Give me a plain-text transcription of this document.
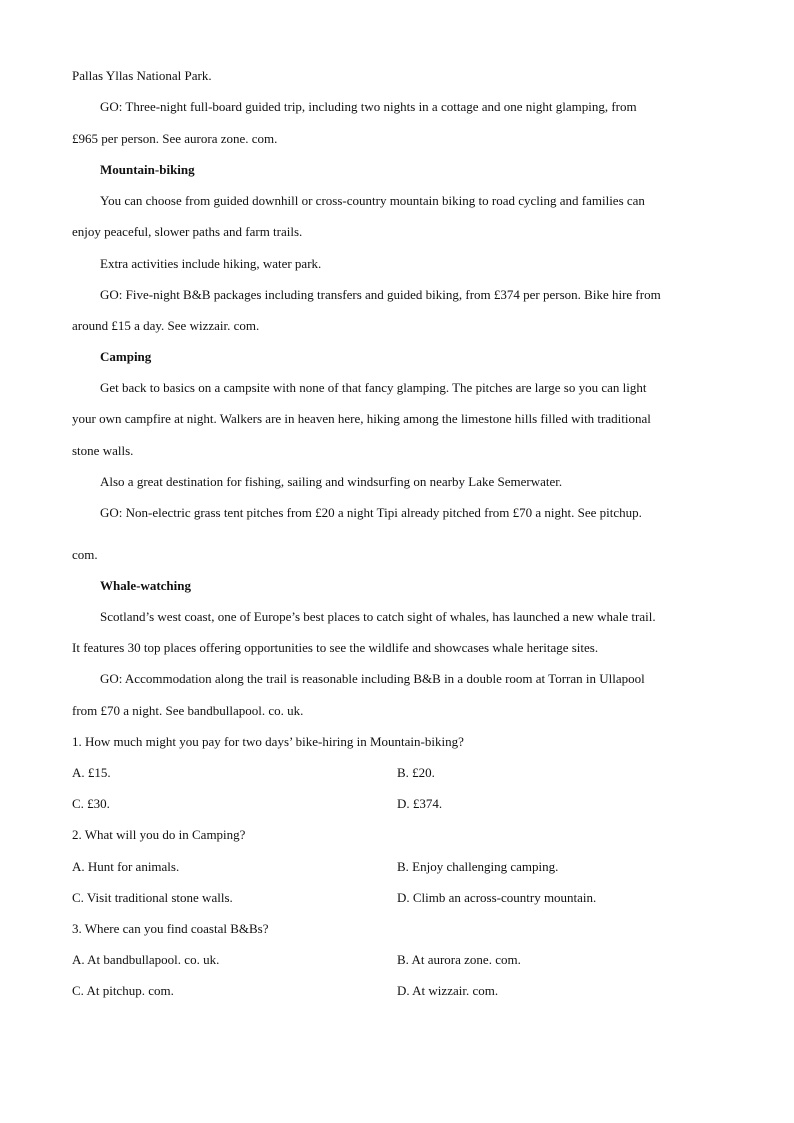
Pallas Yllas National Park.
GO: Three-night full-board guided trip, including two nights in a cottage and one night glamping, from
£965 per person. See aurora zone. com.
Mountain-biking
You can choose from guided downhill or cross-country mountain biking to road cycling and families can
enjoy peaceful, slower paths and farm trails.
Extra activities include hiking, water park.
GO: Five-night B&B packages including transfers and guided biking, from £374 per person. Bike hire from
around £15 a day. See wizzair. com.
Camping
Get back to basics on a campsite with none of that fancy glamping. The pitches are large so you can light
your own campfire at night. Walkers are in heaven here, hiking among the limestone hills filled with traditional
stone walls.
Also a great destination for fishing, sailing and windsurfing on nearby Lake Semerwater.
GO: Non-electric grass tent pitches from £20 a night Tipi already pitched from £70 a night. See pitchup.
com.
Whale-watching
Scotland’s west coast, one of Europe’s best places to catch sight of whales, has launched a new whale trail.
It features 30 top places offering opportunities to see the wildlife and showcases whale heritage sites.
GO: Accommodation along the trail is reasonable including B&B in a double room at Torran in Ullapool
from £70 a night. See bandbullapool. co. uk.
1. How much might you pay for two days’ bike-hiring in Mountain-biking?
A. £15.	B. £20.
C. £30.	D. £374.
2. What will you do in Camping?
A. Hunt for animals.	B. Enjoy challenging camping.
C. Visit traditional stone walls.	D. Climb an across-country mountain.
3. Where can you find coastal B&Bs?
A. At bandbullapool. co. uk.	B. At aurora zone. com.
C. At pitchup. com.	D. At wizzair. com.
